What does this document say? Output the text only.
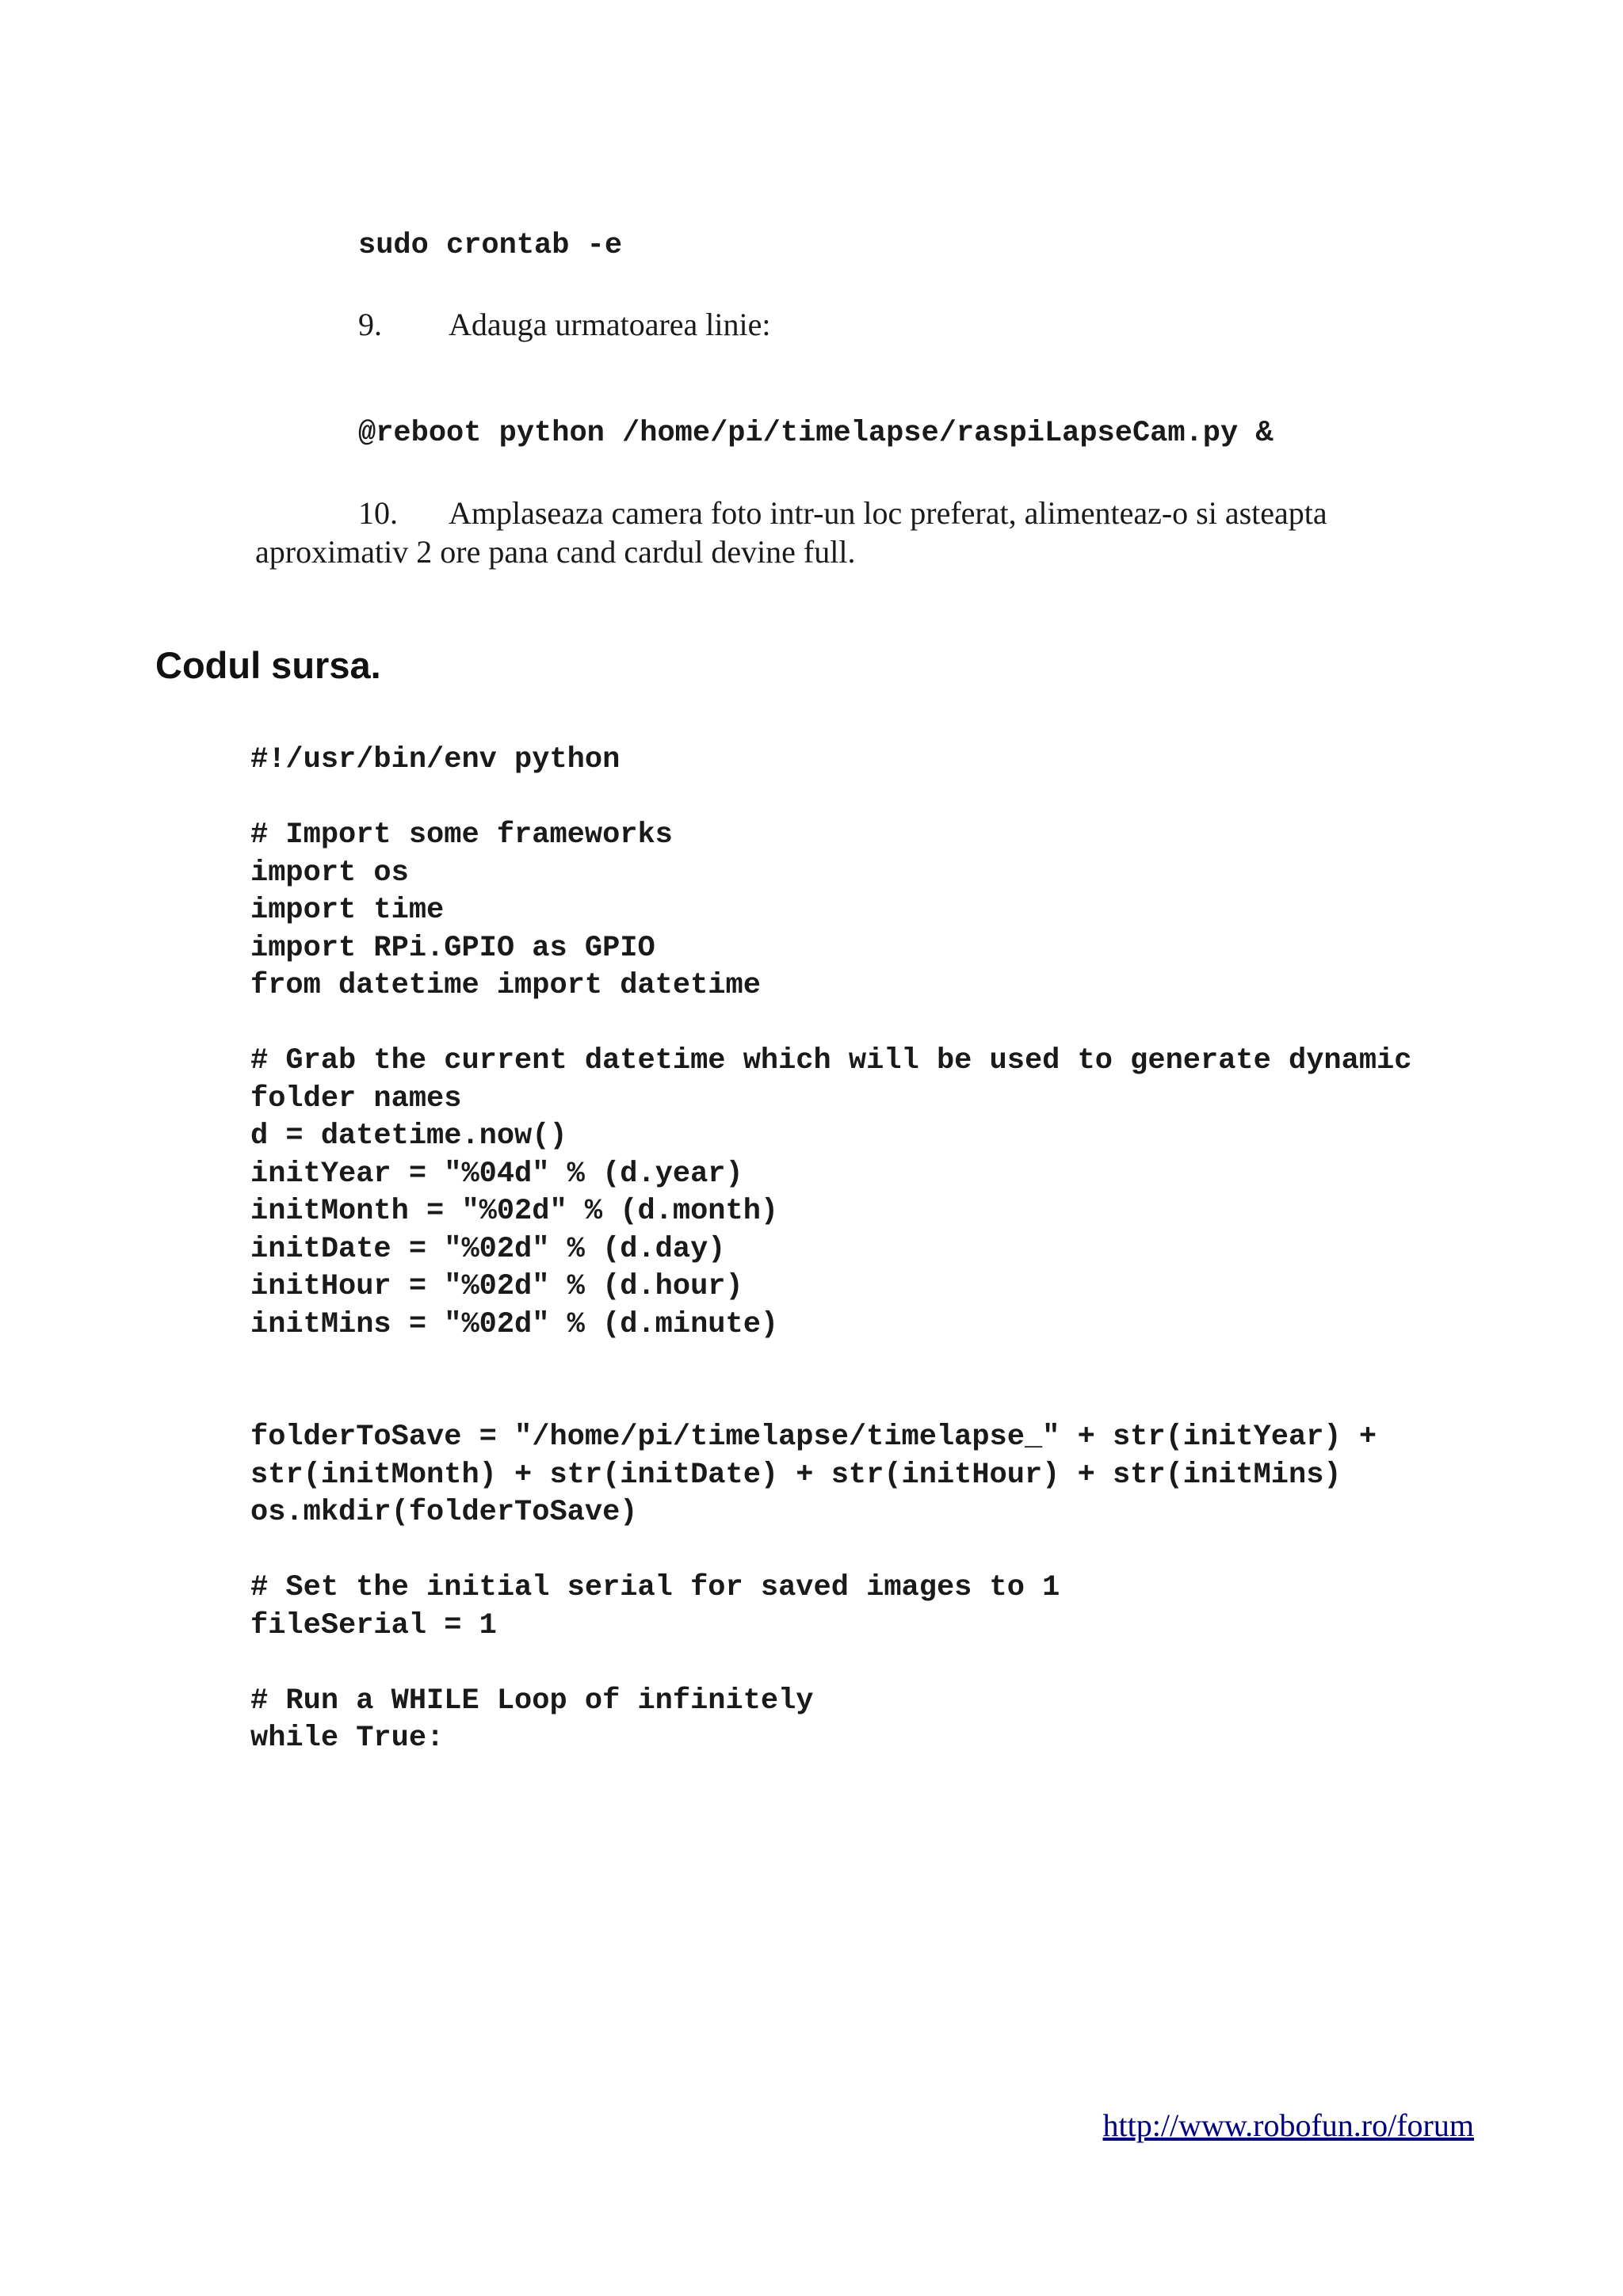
sudo crontab -e

9. Adauga urmatoarea linie:

@reboot python /home/pi/timelapse/raspiLapseCam.py &

10. Amplaseaza camera foto intr-un loc preferat, alimenteaz-o si asteapta
aproximativ 2 ore pana cand cardul devine full.
Codul sursa.
#!/usr/bin/env python
# Import some frameworks
import os
import time
import RPi.GPIO as GPIO
from datetime import datetime
# Grab the current datetime which will be used to generate dynamic
folder names
d = datetime.now()
initYear = "%04d" % (d.year)
initMonth = "%02d" % (d.month)
initDate = "%02d" % (d.day)
initHour = "%02d" % (d.hour)
initMins = "%02d" % (d.minute)
folderToSave = "/home/pi/timelapse/timelapse_" + str(initYear) +
str(initMonth) + str(initDate) + str(initHour) + str(initMins)
os.mkdir(folderToSave)
# Set the initial serial for saved images to 1
fileSerial = 1
# Run a WHILE Loop of infinitely
while True:
http://www.robofun.ro/forum
